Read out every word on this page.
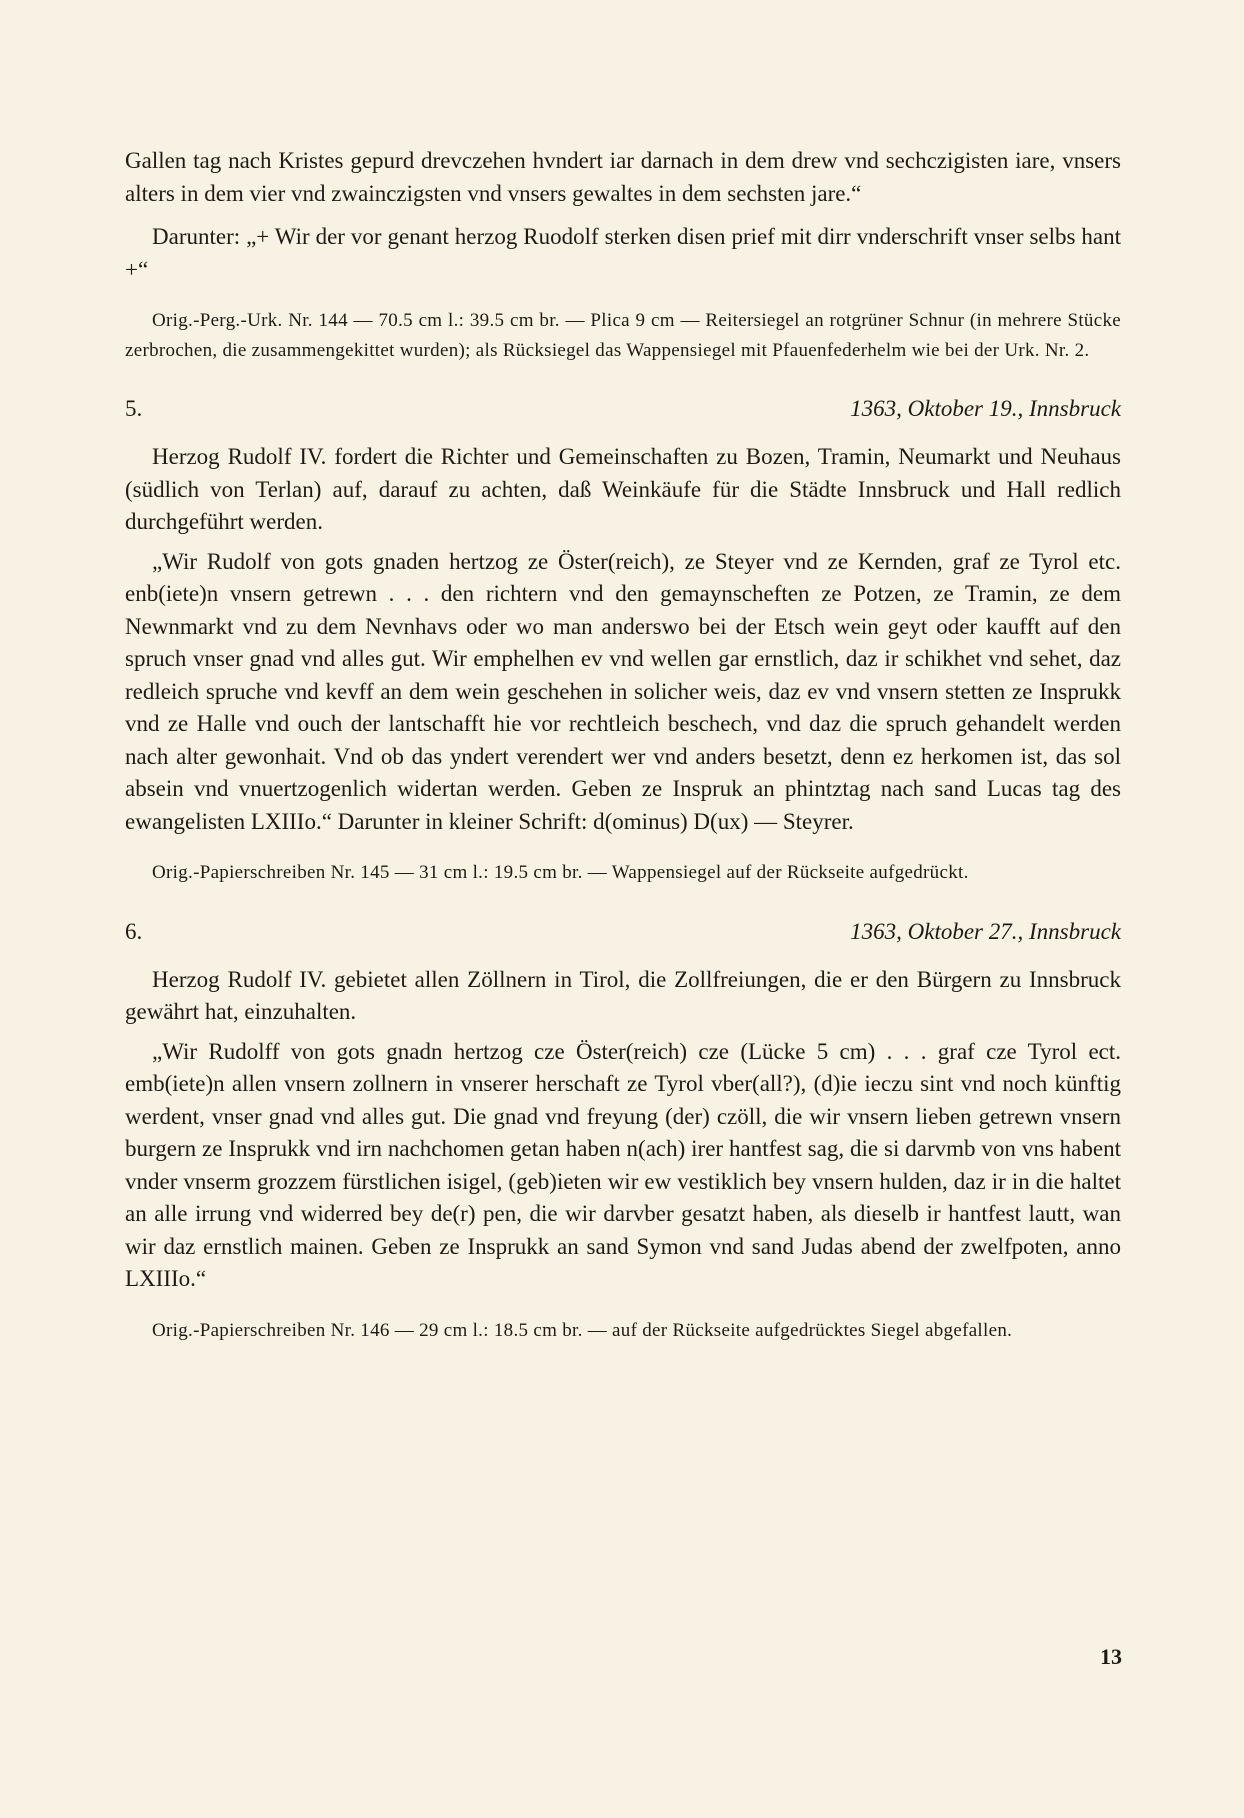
Gallen tag nach Kristes gepurd drevczehen hvndert iar darnach in dem drew vnd sechczigisten iare, vnsers alters in dem vier vnd zwainczigsten vnd vnsers gewaltes in dem sechsten jare.“

Darunter: „+ Wir der vor genant herzog Ruodolf sterken disen prief mit dirr vnderschrift vnser selbs hant +“

Orig.-Perg.-Urk. Nr. 144 — 70.5 cm l.: 39.5 cm br. — Plica 9 cm — Reitersiegel an rotgrüner Schnur (in mehrere Stücke zerbrochen, die zusammengekittet wurden); als Rücksiegel das Wappensiegel mit Pfauenfederhelm wie bei der Urk. Nr. 2.

5.	1363, Oktober 19., Innsbruck

Herzog Rudolf IV. fordert die Richter und Gemeinschaften zu Bozen, Tramin, Neumarkt und Neuhaus (südlich von Terlan) auf, darauf zu achten, daß Weinkäufe für die Städte Innsbruck und Hall redlich durchgeführt werden.

„Wir Rudolf von gots gnaden hertzog ze Öster(reich), ze Steyer vnd ze Kernden, graf ze Tyrol etc. enb(iete)n vnsern getrewn . . . den richtern vnd den gemaynscheften ze Potzen, ze Tramin, ze dem Newnmarkt vnd zu dem Nevnhavs oder wo man anderswo bei der Etsch wein geyt oder kaufft auf den spruch vnser gnad vnd alles gut. Wir emphelhen ev vnd wellen gar ernstlich, daz ir schikhet vnd sehet, daz redleich spruche vnd kevff an dem wein geschehen in solicher weis, daz ev vnd vnsern stetten ze Insprukk vnd ze Halle vnd ouch der lantschafft hie vor rechtleich beschech, vnd daz die spruch gehandelt werden nach alter gewonhait. Vnd ob das yndert verendert wer vnd anders besetzt, denn ez herkomen ist, das sol absein vnd vnuertzogenlich widertan werden. Geben ze Inspruk an phintztag nach sand Lucas tag des ewangelisten LXIIIo.“ Darunter in kleiner Schrift: d(ominus) D(ux) — Steyrer.

Orig.-Papierschreiben Nr. 145 — 31 cm l.: 19.5 cm br. — Wappensiegel auf der Rückseite aufgedrückt.

6.	1363, Oktober 27., Innsbruck

Herzog Rudolf IV. gebietet allen Zöllnern in Tirol, die Zollfreiungen, die er den Bürgern zu Innsbruck gewährt hat, einzuhalten.

„Wir Rudolff von gots gnadn hertzog cze Öster(reich) cze (Lücke 5 cm) . . . graf cze Tyrol ect. emb(iete)n allen vnsern zollnern in vnserer herschaft ze Tyrol vber(all?), (d)ie ieczu sint vnd noch künftig werdent, vnser gnad vnd alles gut. Die gnad vnd freyung (der) czöll, die wir vnsern lieben getrewn vnsern burgern ze Insprukk vnd irn nachchomen getan haben n(ach) irer hantfest sag, die si darvmb von vns habent vnder vnserm grozzem fürstlichen isigel, (geb)ieten wir ew vestiklich bey vnsern hulden, daz ir in die haltet an alle irrung vnd widerred bey de(r) pen, die wir darvber gesatzt haben, als dieselb ir hantfest lautt, wan wir daz ernstlich mainen. Geben ze Insprukk an sand Symon vnd sand Judas abend der zwelfpoten, anno LXIIIo.“

Orig.-Papierschreiben Nr. 146 — 29 cm l.: 18.5 cm br. — auf der Rückseite aufgedrücktes Siegel abgefallen.

13
